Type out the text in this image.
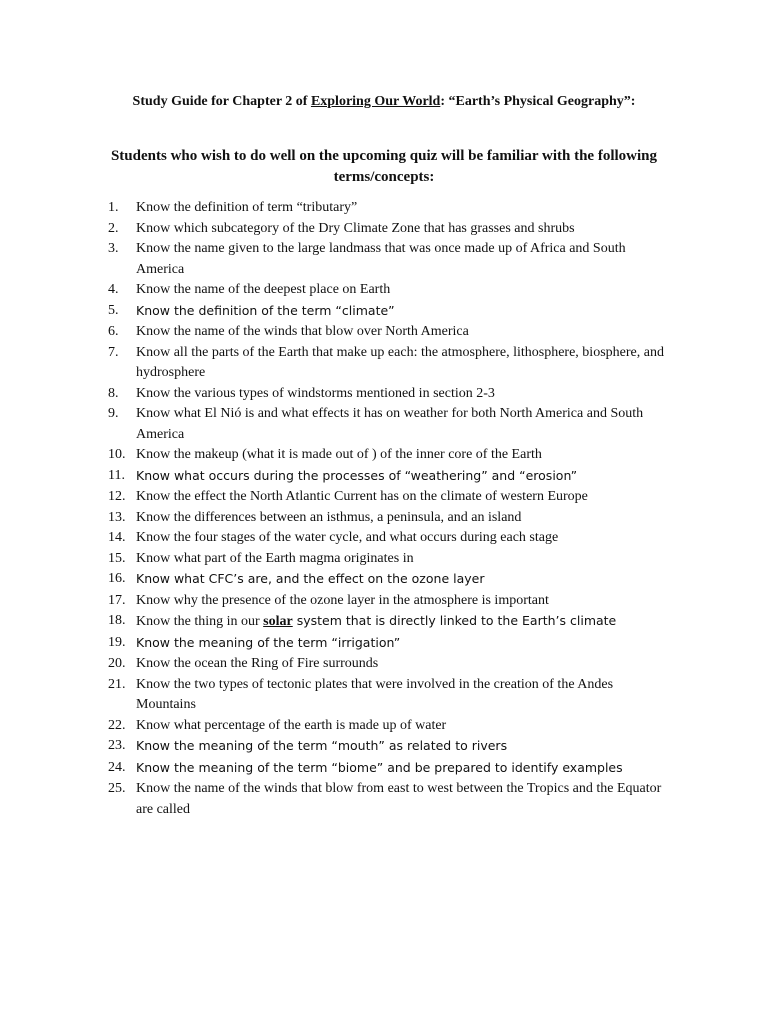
Study Guide for Chapter 2 of Exploring Our World: “Earth’s Physical Geography”:
Students who wish to do well on the upcoming quiz will be familiar with the following terms/concepts:
1.	Know the definition of term “tributary”
2.	Know which subcategory of the Dry Climate Zone that has grasses and shrubs
3.	Know the name given to the large landmass that was once made up of Africa and South America
4.	Know the name of the deepest place on Earth
5.	Know the definition of the term “climate”
6.	Know the name of the winds that blow over North America
7.	Know all the parts of the Earth that make up each: the atmosphere, lithosphere, biosphere, and hydrosphere
8.	Know the various types of windstorms mentioned in section 2-3
9.	Know what El Nió is and what effects it has on weather for both North America and South America
10. Know the makeup (what it is made out of ) of the inner core of the Earth
11. Know what occurs during the processes of “weathering” and “erosion”
12. Know the effect the North Atlantic Current has on the climate of western Europe
13. Know the differences between an isthmus, a peninsula, and an island
14. Know the four stages of the water cycle, and what occurs during each stage
15. Know what part of the Earth magma originates in
16. Know what CFC’s are, and the effect on the ozone layer
17. Know why the presence of the ozone layer in the atmosphere is important
18. Know the thing in our solar system that is directly linked to the Earth’s climate
19. Know the meaning of the term “irrigation”
20. Know the ocean the Ring of Fire surrounds
21. Know the two types of tectonic plates that were involved in the creation of the Andes Mountains
22. Know what percentage of the earth is made up of water
23. Know the meaning of the term “mouth” as related to rivers
24. Know the meaning of the term “biome” and be prepared to identify examples
25. Know the name of the winds that blow from east to west between the Tropics and the Equator are called
